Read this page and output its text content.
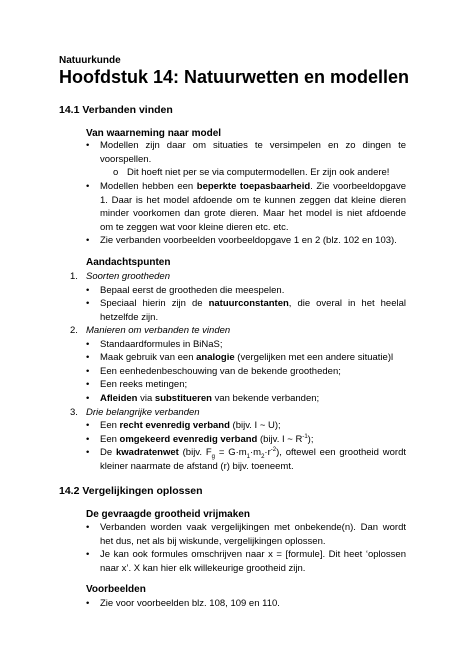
Natuurkunde
Hoofdstuk 14: Natuurwetten en modellen
14.1 Verbanden vinden
Van waarneming naar model
• Modellen zijn daar om situaties te versimpelen en zo dingen te voorspellen.
o Dit hoeft niet per se via computermodellen. Er zijn ook andere!
• Modellen hebben een beperkte toepasbaarheid. Zie voorbeeldopgave 1. Daar is het model afdoende om te kunnen zeggen dat kleine dieren minder voorkomen dan grote dieren. Maar het model is niet afdoende om te zeggen wat voor kleine dieren etc. etc.
• Zie verbanden voorbeelden voorbeeldopgave 1 en 2 (blz. 102 en 103).
Aandachtspunten
1. Soorten grootheden
• Bepaal eerst de grootheden die meespelen.
• Speciaal hierin zijn de natuurconstanten, die overal in het heelal hetzelfde zijn.
2. Manieren om verbanden te vinden
• Standaardformules in BiNaS;
• Maak gebruik van een analogie (vergelijken met een andere situatie)l
• Een eenhedenbeschouwing van de bekende grootheden;
• Een reeks metingen;
• Afleiden via substitueren van bekende verbanden;
3. Drie belangrijke verbanden
• Een recht evenredig verband (bijv. I ~ U);
• Een omgekeerd evenredig verband (bijv. I ~ $R^{-1}$);
• De kwadratenwet (bijv. $F_g = G\cdot m_1\cdot m_2\cdot r^{-2}$), oftewel een grootheid wordt kleiner naarmate de afstand (r) bijv. toeneemt.
14.2 Vergelijkingen oplossen
De gevraagde grootheid vrijmaken
• Verbanden worden vaak vergelijkingen met onbekende(n). Dan wordt het dus, net als bij wiskunde, vergelijkingen oplossen.
• Je kan ook formules omschrijven naar x = [formule]. Dit heet ‘oplossen naar x’. X kan hier elk willekeurige grootheid zijn.
Voorbeelden
• Zie voor voorbeelden blz. 108, 109 en 110.
